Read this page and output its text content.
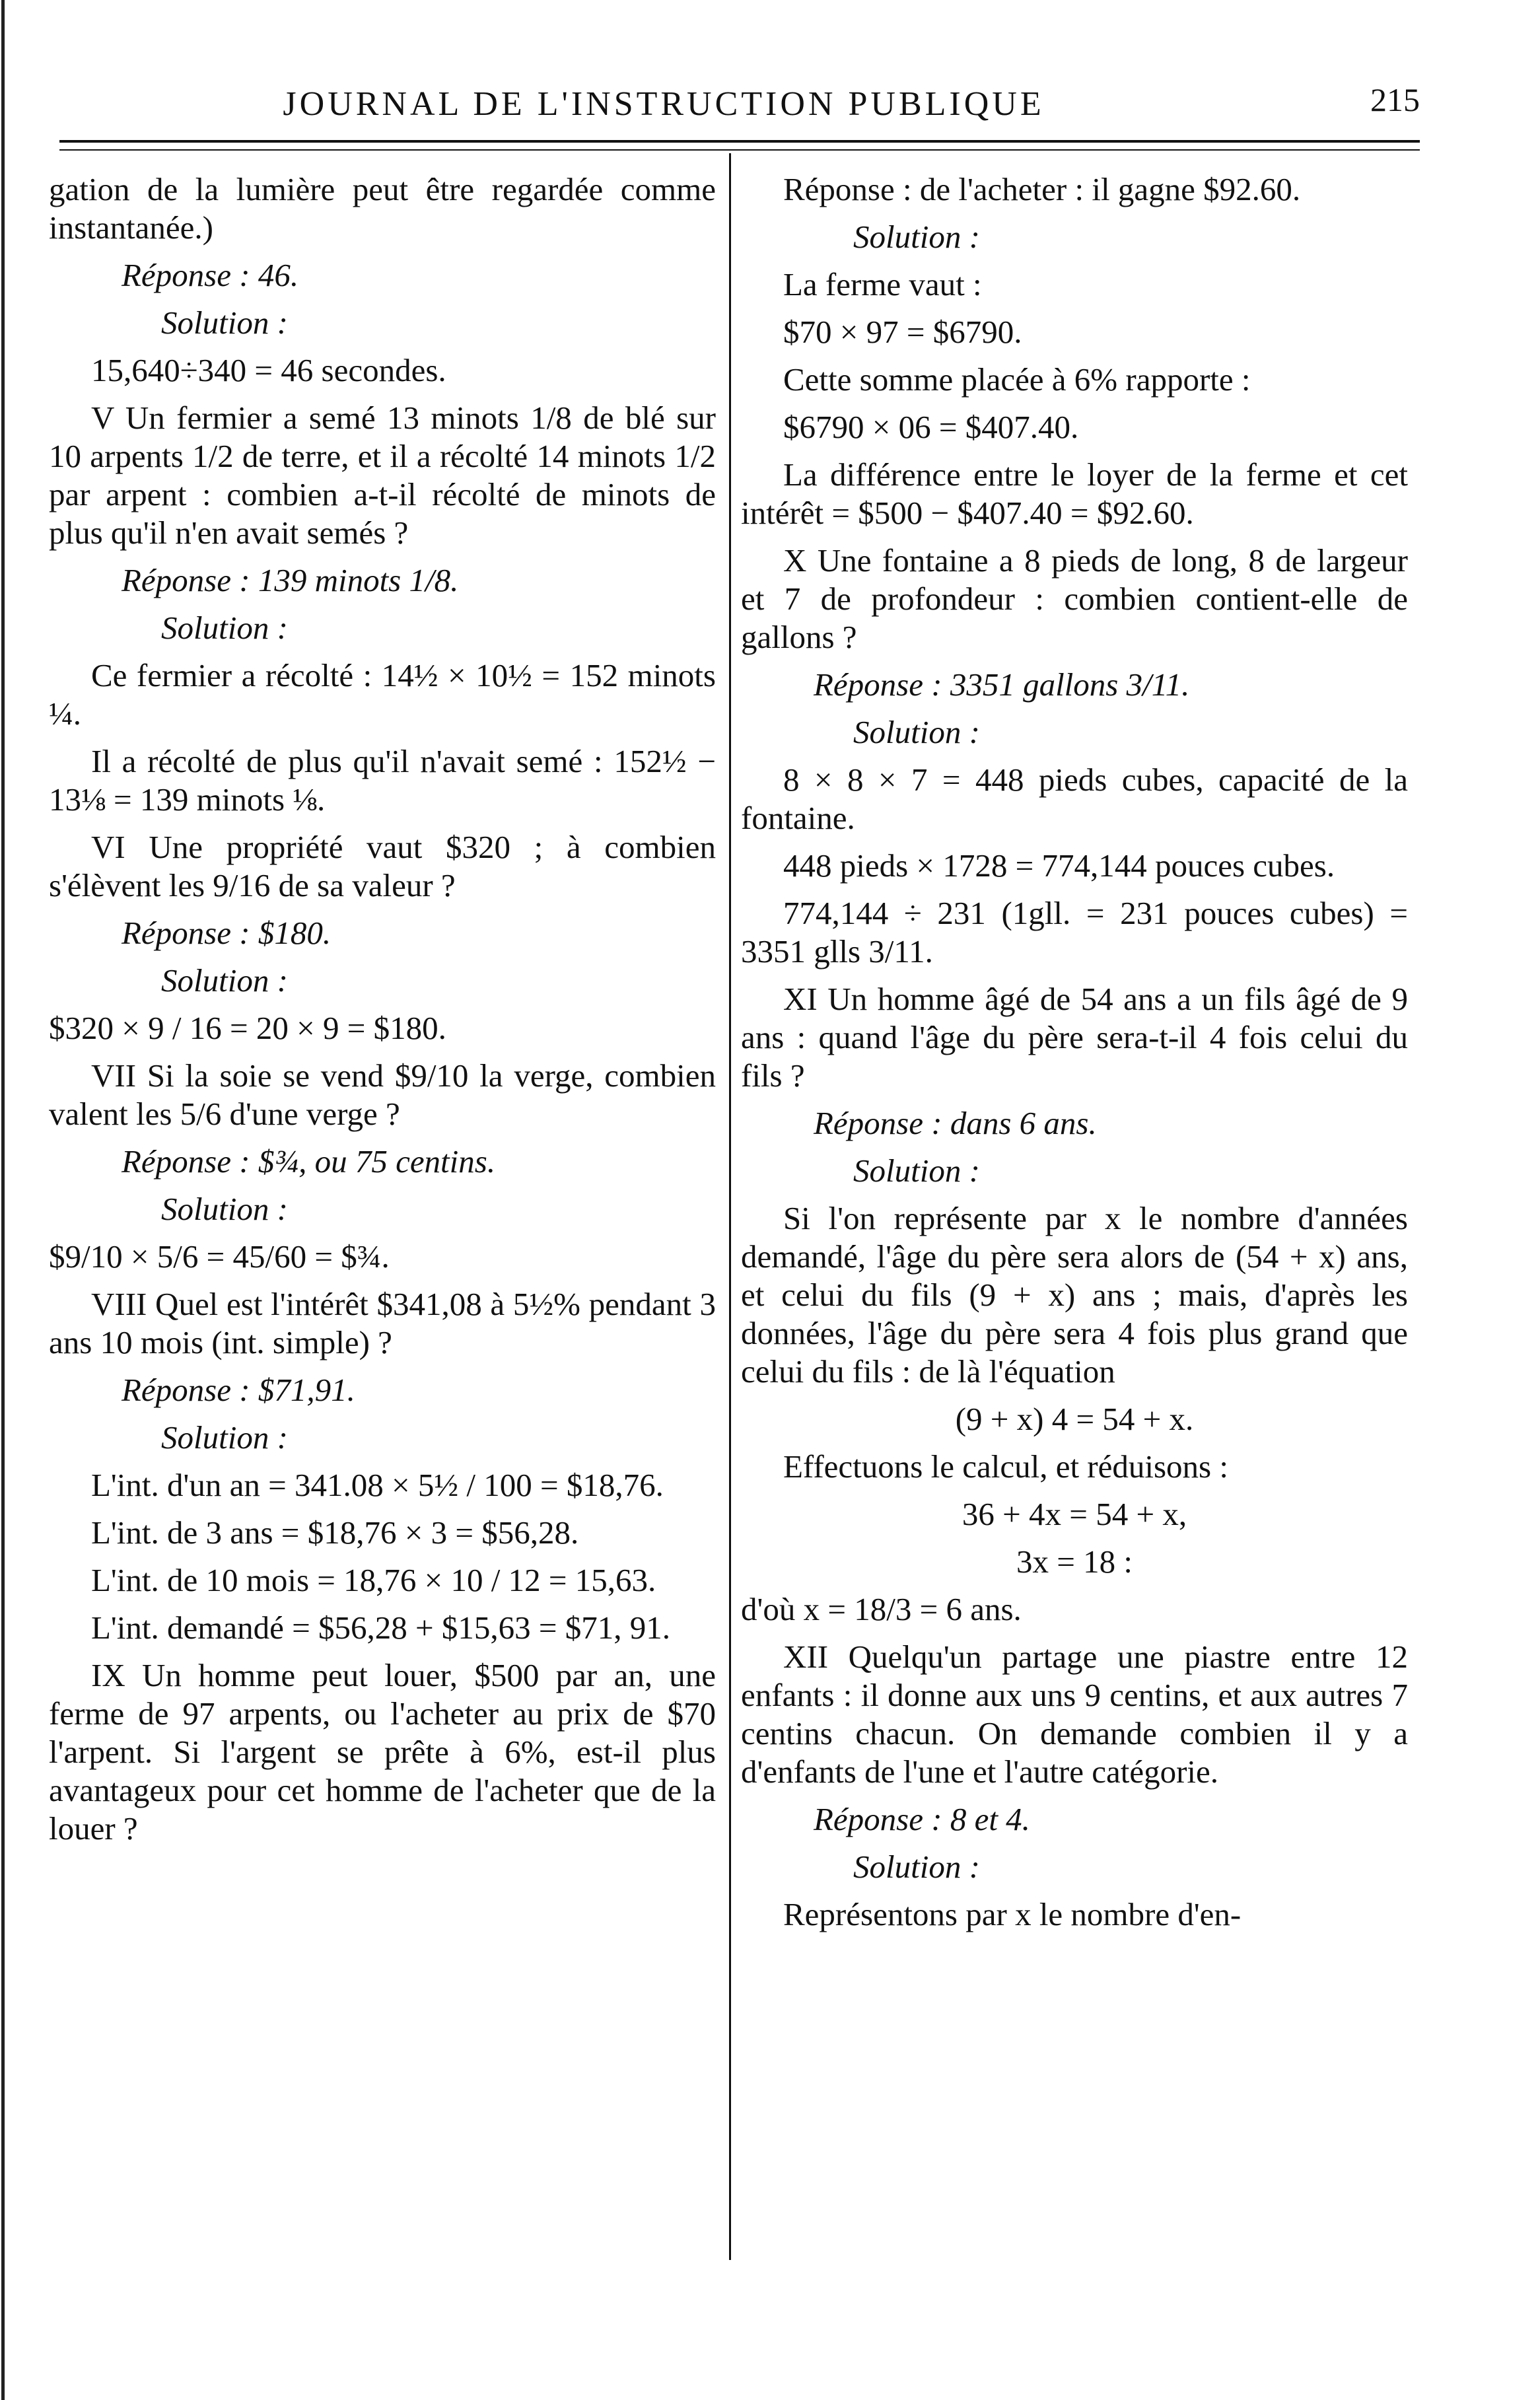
JOURNAL DE L'INSTRUCTION PUBLIQUE	215

gation de la lumière peut être regardée comme instantanée.)

Réponse : 46.

Solution :

15,640÷340 = 46 secondes.

V Un fermier a semé 13 minots 1/8 de blé sur 10 arpents 1/2 de terre, et il a récolté 14 minots 1/2 par arpent : combien a-t-il récolté de minots de plus qu'il n'en avait semés ?

Réponse : 139 minots 1/8.

Solution :

Ce fermier a récolté : 14½ × 10½ = 152 minots ¼.

Il a récolté de plus qu'il n'avait semé : 152½ − 13⅛ = 139 minots ⅛.

VI Une propriété vaut $320 ; à combien s'élèvent les 9/16 de sa valeur ?

Réponse : $180.

Solution :

$320 × 9 / 16 = 20 × 9 = $180.

VII Si la soie se vend $9/10 la verge, combien valent les 5/6 d'une verge ?

Réponse : $¾, ou 75 centins.

Solution :

$9/10 × 5/6 = 45/60 = $¾.

VIII Quel est l'intérêt $341,08 à 5½% pendant 3 ans 10 mois (int. simple) ?

Réponse : $71,91.

Solution :

L'int. d'un an = 341.08 × 5½ / 100 = $18,76.

L'int. de 3 ans = $18,76 × 3 = $56,28.

L'int. de 10 mois = 18,76 × 10 / 12 = 15,63.

L'int. demandé = $56,28 + $15,63 = $71, 91.

IX Un homme peut louer, $500 par an, une ferme de 97 arpents, ou l'acheter au prix de $70 l'arpent. Si l'argent se prête à 6%, est-il plus avantageux pour cet homme de l'acheter que de la louer ?

Réponse : de l'acheter : il gagne $92.60.

Solution :

La ferme vaut :

$70 × 97 = $6790.

Cette somme placée à 6% rapporte :

$6790 × 06 = $407.40.

La différence entre le loyer de la ferme et cet intérêt = $500 − $407.40 = $92.60.

X Une fontaine a 8 pieds de long, 8 de largeur et 7 de profondeur : combien contient-elle de gallons ?

Réponse : 3351 gallons 3/11.

Solution :

8 × 8 × 7 = 448 pieds cubes, capacité de la fontaine.

448 pieds × 1728 = 774,144 pouces cubes.

774,144 ÷ 231 (1gll. = 231 pouces cubes) = 3351 glls 3/11.

XI Un homme âgé de 54 ans a un fils âgé de 9 ans : quand l'âge du père sera-t-il 4 fois celui du fils ?

Réponse : dans 6 ans.

Solution :

Si l'on représente par x le nombre d'années demandé, l'âge du père sera alors de (54 + x) ans, et celui du fils (9 + x) ans ; mais, d'après les données, l'âge du père sera 4 fois plus grand que celui du fils : de là l'équation

(9 + x) 4 = 54 + x.

Effectuons le calcul, et réduisons :

36 + 4x = 54 + x,

3x = 18 :

d'où x = 18/3 = 6 ans.

XII Quelqu'un partage une piastre entre 12 enfants : il donne aux uns 9 centins, et aux autres 7 centins chacun. On demande combien il y a d'enfants de l'une et l'autre catégorie.

Réponse : 8 et 4.

Solution :

Représentons par x le nombre d'en-
